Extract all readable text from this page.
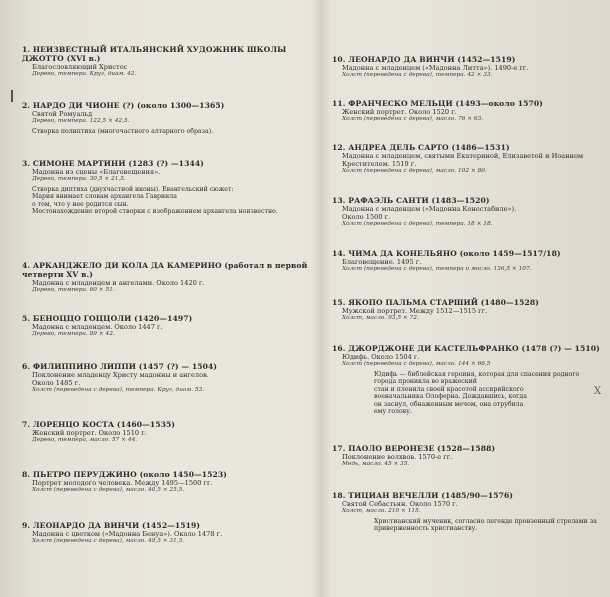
1. НЕИЗВЕСТНЫЙ ИТАЛЬЯНСКИЙ ХУДОЖНИК ШКОЛЫ ДЖОТТО (XVI в.)
Благословляющий Христос
Дерево, темпера. Круг, диам. 42.
2. НАРДО ДИ ЧИОНЕ (?) (около 1300—1365)
Святой Ромуальд
Дерево, темпера. 122,5 × 42,5.
Створка полиптиха (многочастного алтарного образа).
3. СИМОНЕ МАРТИНИ (1283 (?) —1344)
Мадонна из сцены «Благовещения».
Дерево, темпера. 30,5 × 21,5.
Створка диптиха (двухчастной иконы). Евангельский сюжет:
Мария внимает словам архангела Гавриила
о том, что у нее родится сын.
Местонахождение второй створки с изображением архангела неизвестно.
4. АРКАНДЖЕЛО ДИ КОЛА ДА КАМЕРИНО (работал в первой четверти XV в.)
Мадонна с младенцем и ангелами. Около 1420 г.
Дерево, темпера. 60 × 51.
5. БЕНОЦЦО ГОЦЦОЛИ (1420—1497)
Мадонна с младенцем. Около 1447 г.
Дерево, темпера. 89 × 42.
6. ФИЛИППИНО ЛИППИ (1457 (?) — 1504)
Поклонение младенцу Христу мадонны и ангелов.
Около 1485 г.
Холст (переведена с дерева), темпера. Круг, диам. 53.
7. ЛОРЕНЦО КОСТА (1460—1535)
Женский портрет. Около 1510 г.
Дерево, темпера, масло. 57 × 44.
8. ПЬЕТРО ПЕРУДЖИНО (около 1450—1523)
Портрет молодого человека. Между 1495—1500 гг.
Холст (переведена с дерева), масло. 40,5 × 25,5.
9. ЛЕОНАРДО ДА ВИНЧИ (1452—1519)
Мадонна с цветком («Мадонна Бенуа»). Около 1478 г.
Холст (переведена с дерева), масло. 49,5 × 31,5.
10. ЛЕОНАРДО ДА ВИНЧИ (1452—1519)
Мадонна с младенцем («Мадонна Литта»). 1490-е гг.
Холст (переведена с дерева), темпера. 42 × 33.
11. ФРАНЧЕСКО МЕЛЬЦИ (1493—около 1570)
Женский портрет. Около 1520 г.
Холст (переведена с дерева), масло. 76 × 63.
12. АНДРЕА ДЕЛЬ САРТО (1486—1531)
Мадонна с младенцем, святыми Екатериной, Елизаветой и Иоанном Крестителем. 1519 г.
Холст (переведена с дерева), масло. 102 × 80.
13. РАФАЭЛЬ САНТИ (1483—1520)
Мадонна с младенцем («Мадонна Конестабиле»).
Около 1500 г.
Холст (переведена с дерева), темпера. 18 × 18.
14. ЧИМА ДА КОНЕЛЬЯНО (около 1459—1517/18)
Благовещение. 1495 г.
Холст (переведена с дерева), темпера и масло. 136,5 × 107.
15. ЯКОПО ПАЛЬМА СТАРШИЙ (1480—1528)
Мужской портрет. Между 1512—1515 гг.
Холст, масло. 93,5 × 72.
16. ДЖОРДЖОНЕ ДИ КАСТЕЛЬФРАНКО (1478 (?) — 1510)
Юдифь. Около 1504 г.
Холст (переведена с дерева), масло. 144 × 66,5
Юдифь — библейская героиня, которая для спасения родного города проникла во вражеский
стан и пленила своей красотой ассирийского
военачальника Олоферна. Дождавшись, когда
он заснул, обнаженным мечом, она отрубила
ему голову.
17. ПАОЛО ВЕРОНЕЗЕ (1528—1588)
Поклонение волхвов. 1570-е гг.
Медь, масло. 45 × 35.
18. ТИЦИАН ВЕЧЕЛЛИ (1485/90—1576)
Святой Себастьян. Около 1570 г.
Холст, масло. 210 × 115.
Христианский мученик, согласно легенде пронзенный стрелами за приверженность христианству.
Х
